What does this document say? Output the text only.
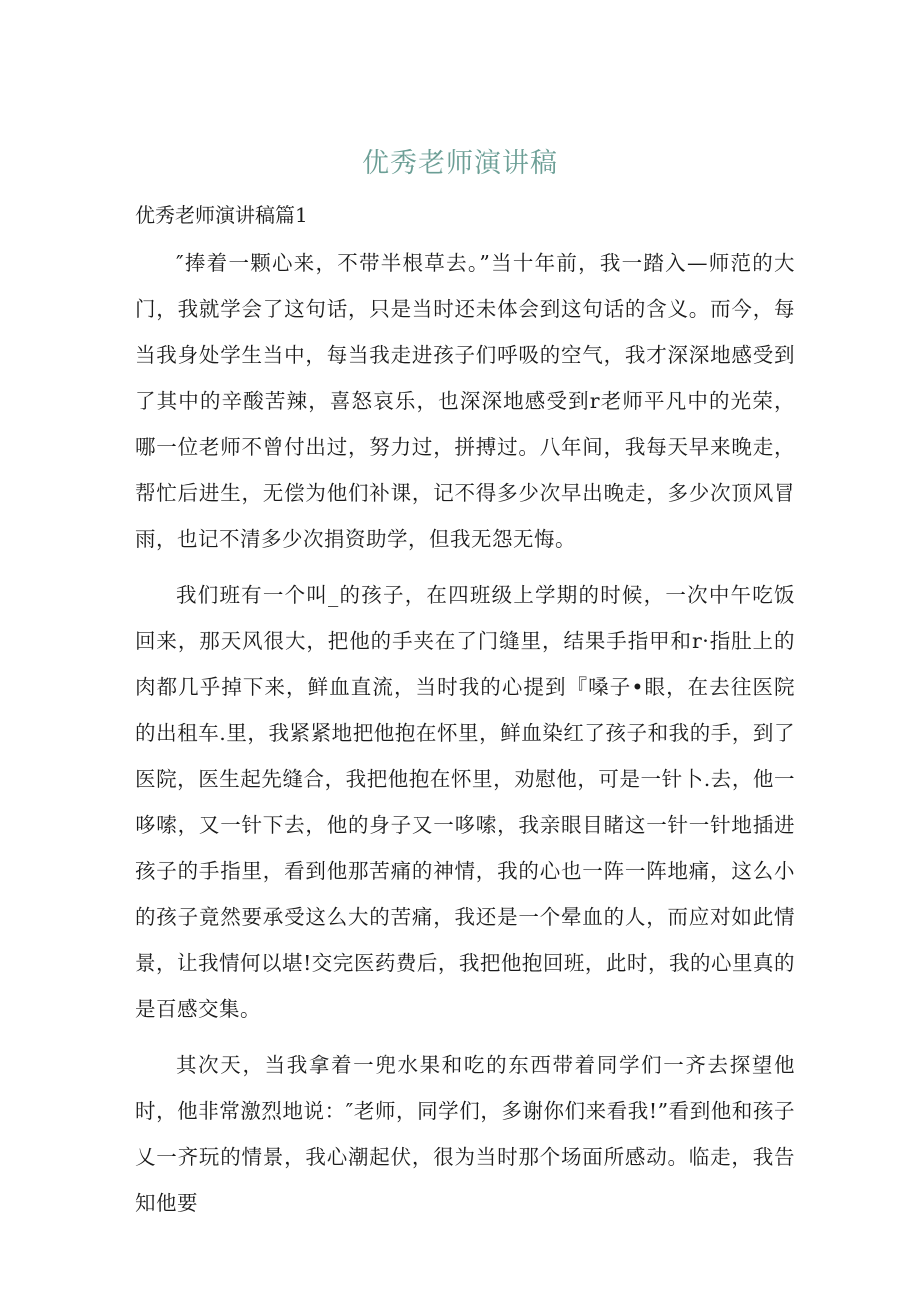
优秀老师演讲稿
优秀老师演讲稿篇1

″捧着一颗心来，不带半根草去。”当十年前，我一踏入—师范的大门，我就学会了这句话，只是当时还未体会到这句话的含义。而今，每当我身处学生当中，每当我走进孩子们呼吸的空气，我才深深地感受到了其中的辛酸苦辣，喜怒哀乐，也深深地感受到r老师平凡中的光荣，哪一位老师不曾付出过，努力过，拼搏过。八年间，我每天早来晚走，帮忙后进生，无偿为他们补课，记不得多少次早出晚走，多少次顶风冒雨，也记不清多少次捐资助学，但我无怨无悔。

我们班有一个叫_的孩子，在四班级上学期的时候，一次中午吃饭回来，那天风很大，把他的手夹在了门缝里，结果手指甲和r·指肚上的肉都几乎掉下来，鲜血直流，当时我的心提到『嗓子•眼，在去往医院的出租车.里，我紧紧地把他抱在怀里，鲜血染红了孩子和我的手，到了医院，医生起先缝合，我把他抱在怀里，劝慰他，可是一针卜.去，他一哆嗦，又一针下去，他的身子又一哆嗦，我亲眼目睹这一针一针地插进孩子的手指里，看到他那苦痛的神情，我的心也一阵一阵地痛，这么小的孩子竟然要承受这么大的苦痛，我还是一个晕血的人，而应对如此情景，让我情何以堪!交完医药费后，我把他抱回班，此时，我的心里真的是百感交集。

其次天，当我拿着一兜水果和吃的东西带着同学们一齐去探望他时，他非常激烈地说：″老师，同学们，多谢你们来看我!”看到他和孩子乂一齐玩的情景，我心潮起伏，很为当时那个场面所感动。临走，我告知他要
